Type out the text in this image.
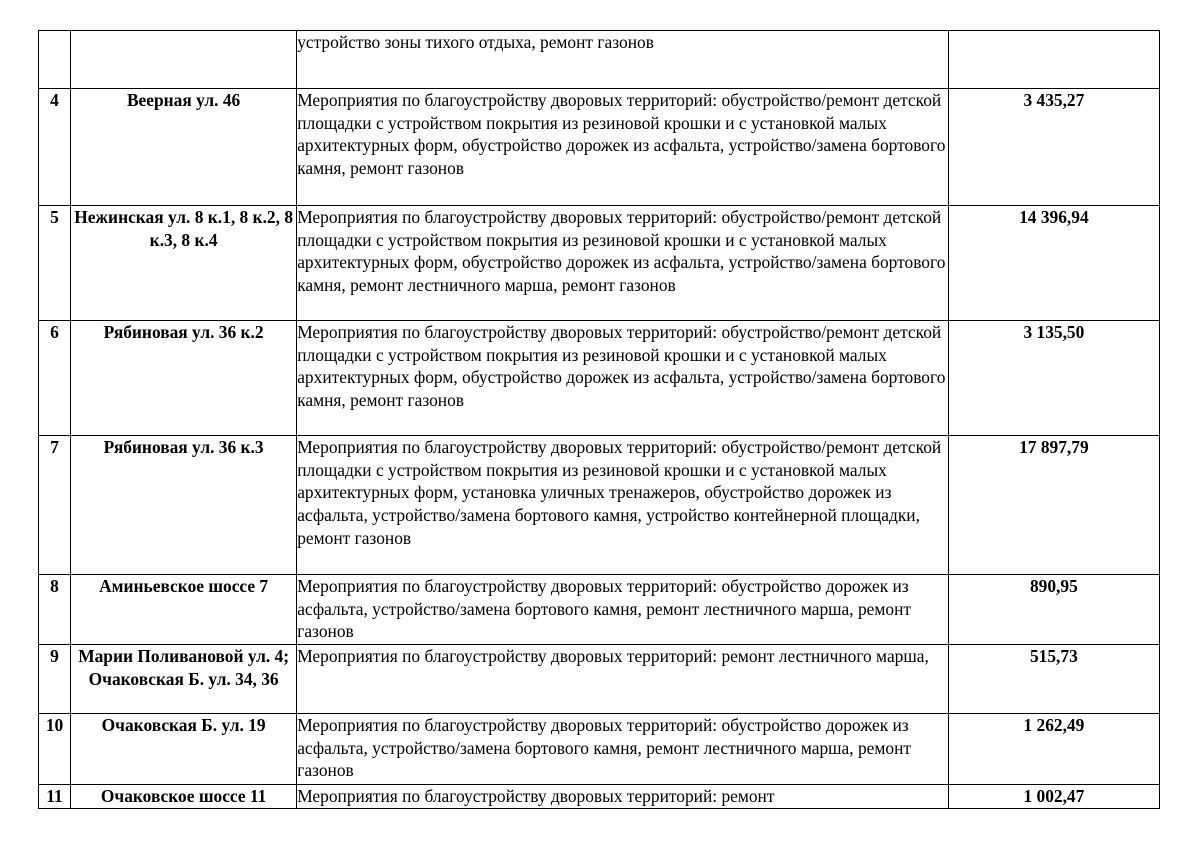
		устройство зоны тихого отдыха, ремонт газонов	
4	Веерная ул. 46	Мероприятия по благоустройству дворовых территорий: обустройство/ремонт детской площадки с устройством покрытия из резиновой крошки и с установкой малых архитектурных форм, обустройство дорожек из асфальта, устройство/замена бортового камня, ремонт газонов	3 435,27
5	Нежинская ул. 8 к.1, 8 к.2, 8 к.3, 8 к.4	Мероприятия по благоустройству дворовых территорий: обустройство/ремонт детской площадки с устройством покрытия из резиновой крошки и с установкой малых архитектурных форм, обустройство дорожек из асфальта, устройство/замена бортового камня, ремонт лестничного марша, ремонт газонов	14 396,94
6	Рябиновая ул. 36 к.2	Мероприятия по благоустройству дворовых территорий: обустройство/ремонт детской площадки с устройством покрытия из резиновой крошки и с установкой малых архитектурных форм, обустройство дорожек из асфальта, устройство/замена бортового камня, ремонт газонов	3 135,50
7	Рябиновая ул. 36 к.3	Мероприятия по благоустройству дворовых территорий: обустройство/ремонт детской площадки с устройством покрытия из резиновой крошки и с установкой малых архитектурных форм, установка уличных тренажеров, обустройство дорожек из асфальта, устройство/замена бортового камня, устройство контейнерной площадки, ремонт газонов	17 897,79
8	Аминьевское шоссе 7	Мероприятия по благоустройству дворовых территорий: обустройство дорожек из асфальта, устройство/замена бортового камня, ремонт лестничного марша, ремонт газонов	890,95
9	Марии Поливановой ул. 4; Очаковская Б. ул. 34, 36	Мероприятия по благоустройству дворовых территорий: ремонт лестничного марша,	515,73
10	Очаковская Б. ул. 19	Мероприятия по благоустройству дворовых территорий: обустройство дорожек из асфальта, устройство/замена бортового камня, ремонт лестничного марша, ремонт газонов	1 262,49
11	Очаковское шоссе 11	Мероприятия по благоустройству дворовых территорий: ремонт	1 002,47
